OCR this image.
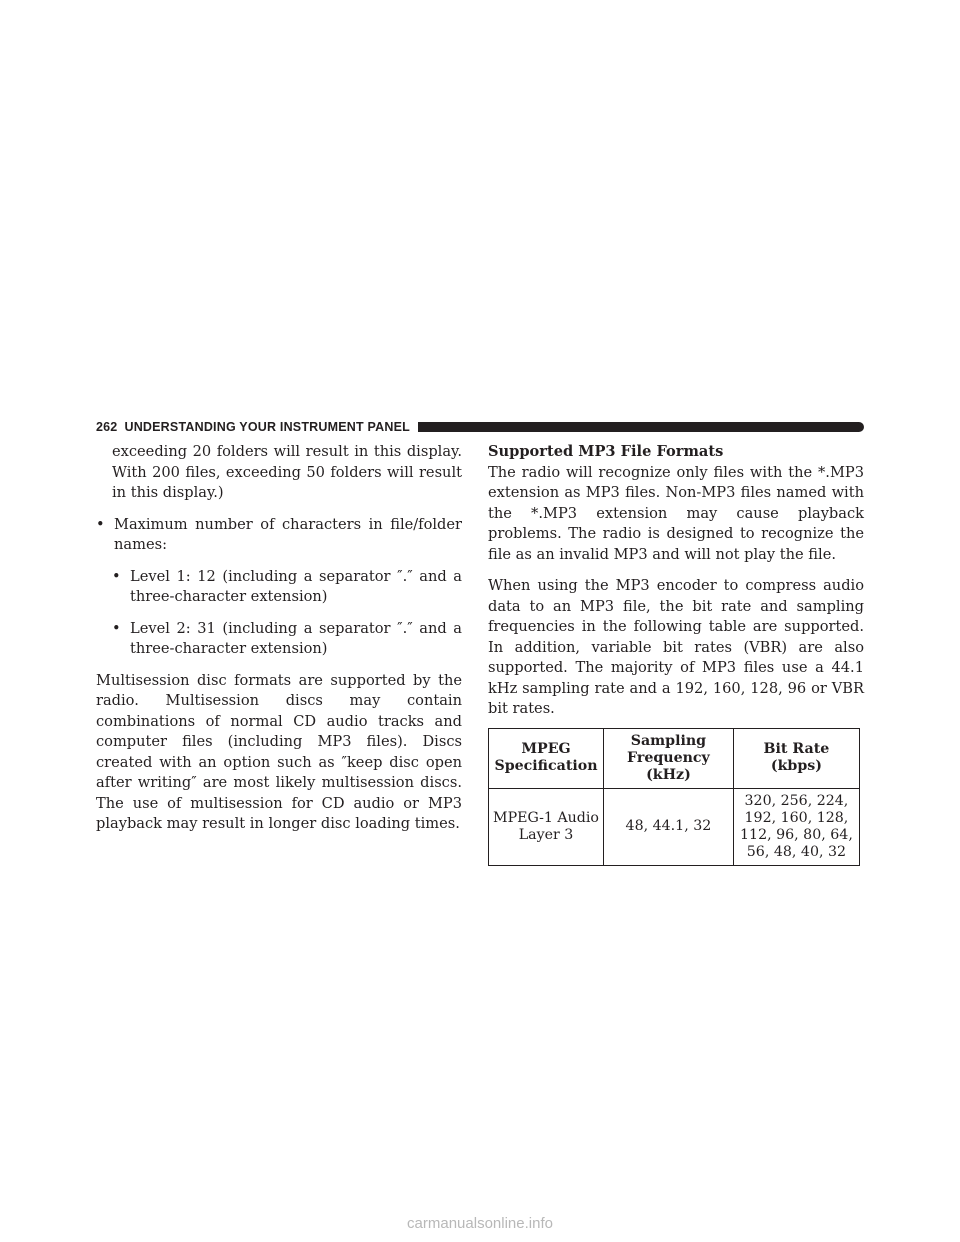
262 UNDERSTANDING YOUR INSTRUMENT PANEL

exceeding 20 folders will result in this display. With 200 files, exceeding 50 folders will result in this display.)

• Maximum number of characters in file/folder names:
• Level 1: 12 (including a separator ″.″ and a three-character extension)
• Level 2: 31 (including a separator ″.″ and a three-character extension)

Multisession disc formats are supported by the radio. Multisession discs may contain combinations of normal CD audio tracks and computer files (including MP3 files). Discs created with an option such as ″keep disc open after writing″ are most likely multisession discs. The use of multisession for CD audio or MP3 playback may result in longer disc loading times.

Supported MP3 File Formats

The radio will recognize only files with the *.MP3 extension as MP3 files. Non-MP3 files named with the *.MP3 extension may cause playback problems. The radio is designed to recognize the file as an invalid MP3 and will not play the file.

When using the MP3 encoder to compress audio data to an MP3 file, the bit rate and sampling frequencies in the following table are supported. In addition, variable bit rates (VBR) are also supported. The majority of MP3 files use a 44.1 kHz sampling rate and a 192, 160, 128, 96 or VBR bit rates.

MPEG Specification	Sampling Frequency (kHz)	Bit Rate (kbps)
MPEG-1 Audio Layer 3	48, 44.1, 32	320, 256, 224, 192, 160, 128, 112, 96, 80, 64, 56, 48, 40, 32
carmanualsonline.info
